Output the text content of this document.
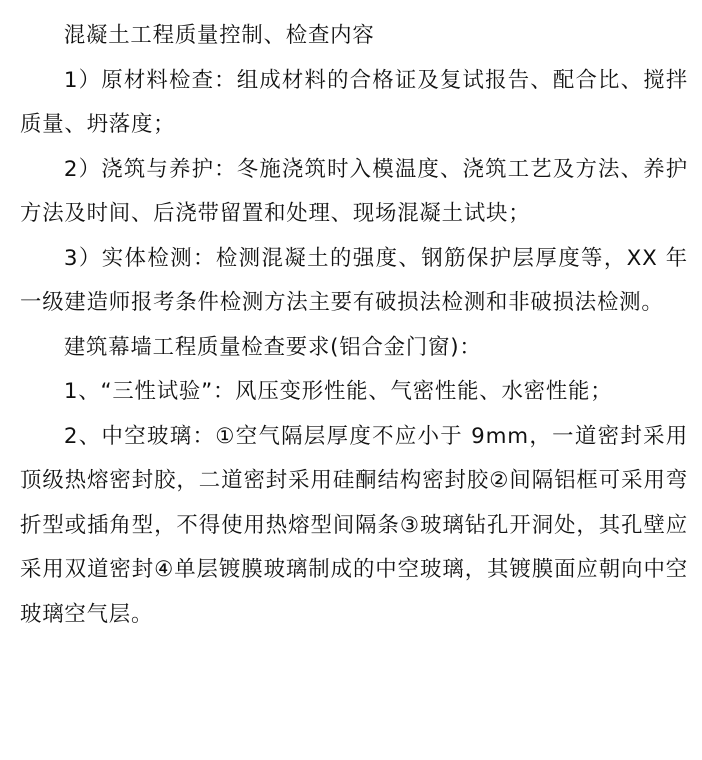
混凝土工程质量控制、检查内容

1）原材料检查：组成材料的合格证及复试报告、配合比、搅拌质量、坍落度；

2）浇筑与养护：冬施浇筑时入模温度、浇筑工艺及方法、养护方法及时间、后浇带留置和处理、现场混凝土试块；

3）实体检测：检测混凝土的强度、钢筋保护层厚度等，XX 年一级建造师报考条件检测方法主要有破损法检测和非破损法检测。

建筑幕墙工程质量检查要求(铝合金门窗)：

1、“三性试验”：风压变形性能、气密性能、水密性能；

2、中空玻璃：①空气隔层厚度不应小于 9mm，一道密封采用顶级热熔密封胶，二道密封采用硅酮结构密封胶②间隔铝框可采用弯折型或插角型，不得使用热熔型间隔条③玻璃钻孔开洞处，其孔壁应采用双道密封④单层镀膜玻璃制成的中空玻璃，其镀膜面应朝向中空玻璃空气层。
